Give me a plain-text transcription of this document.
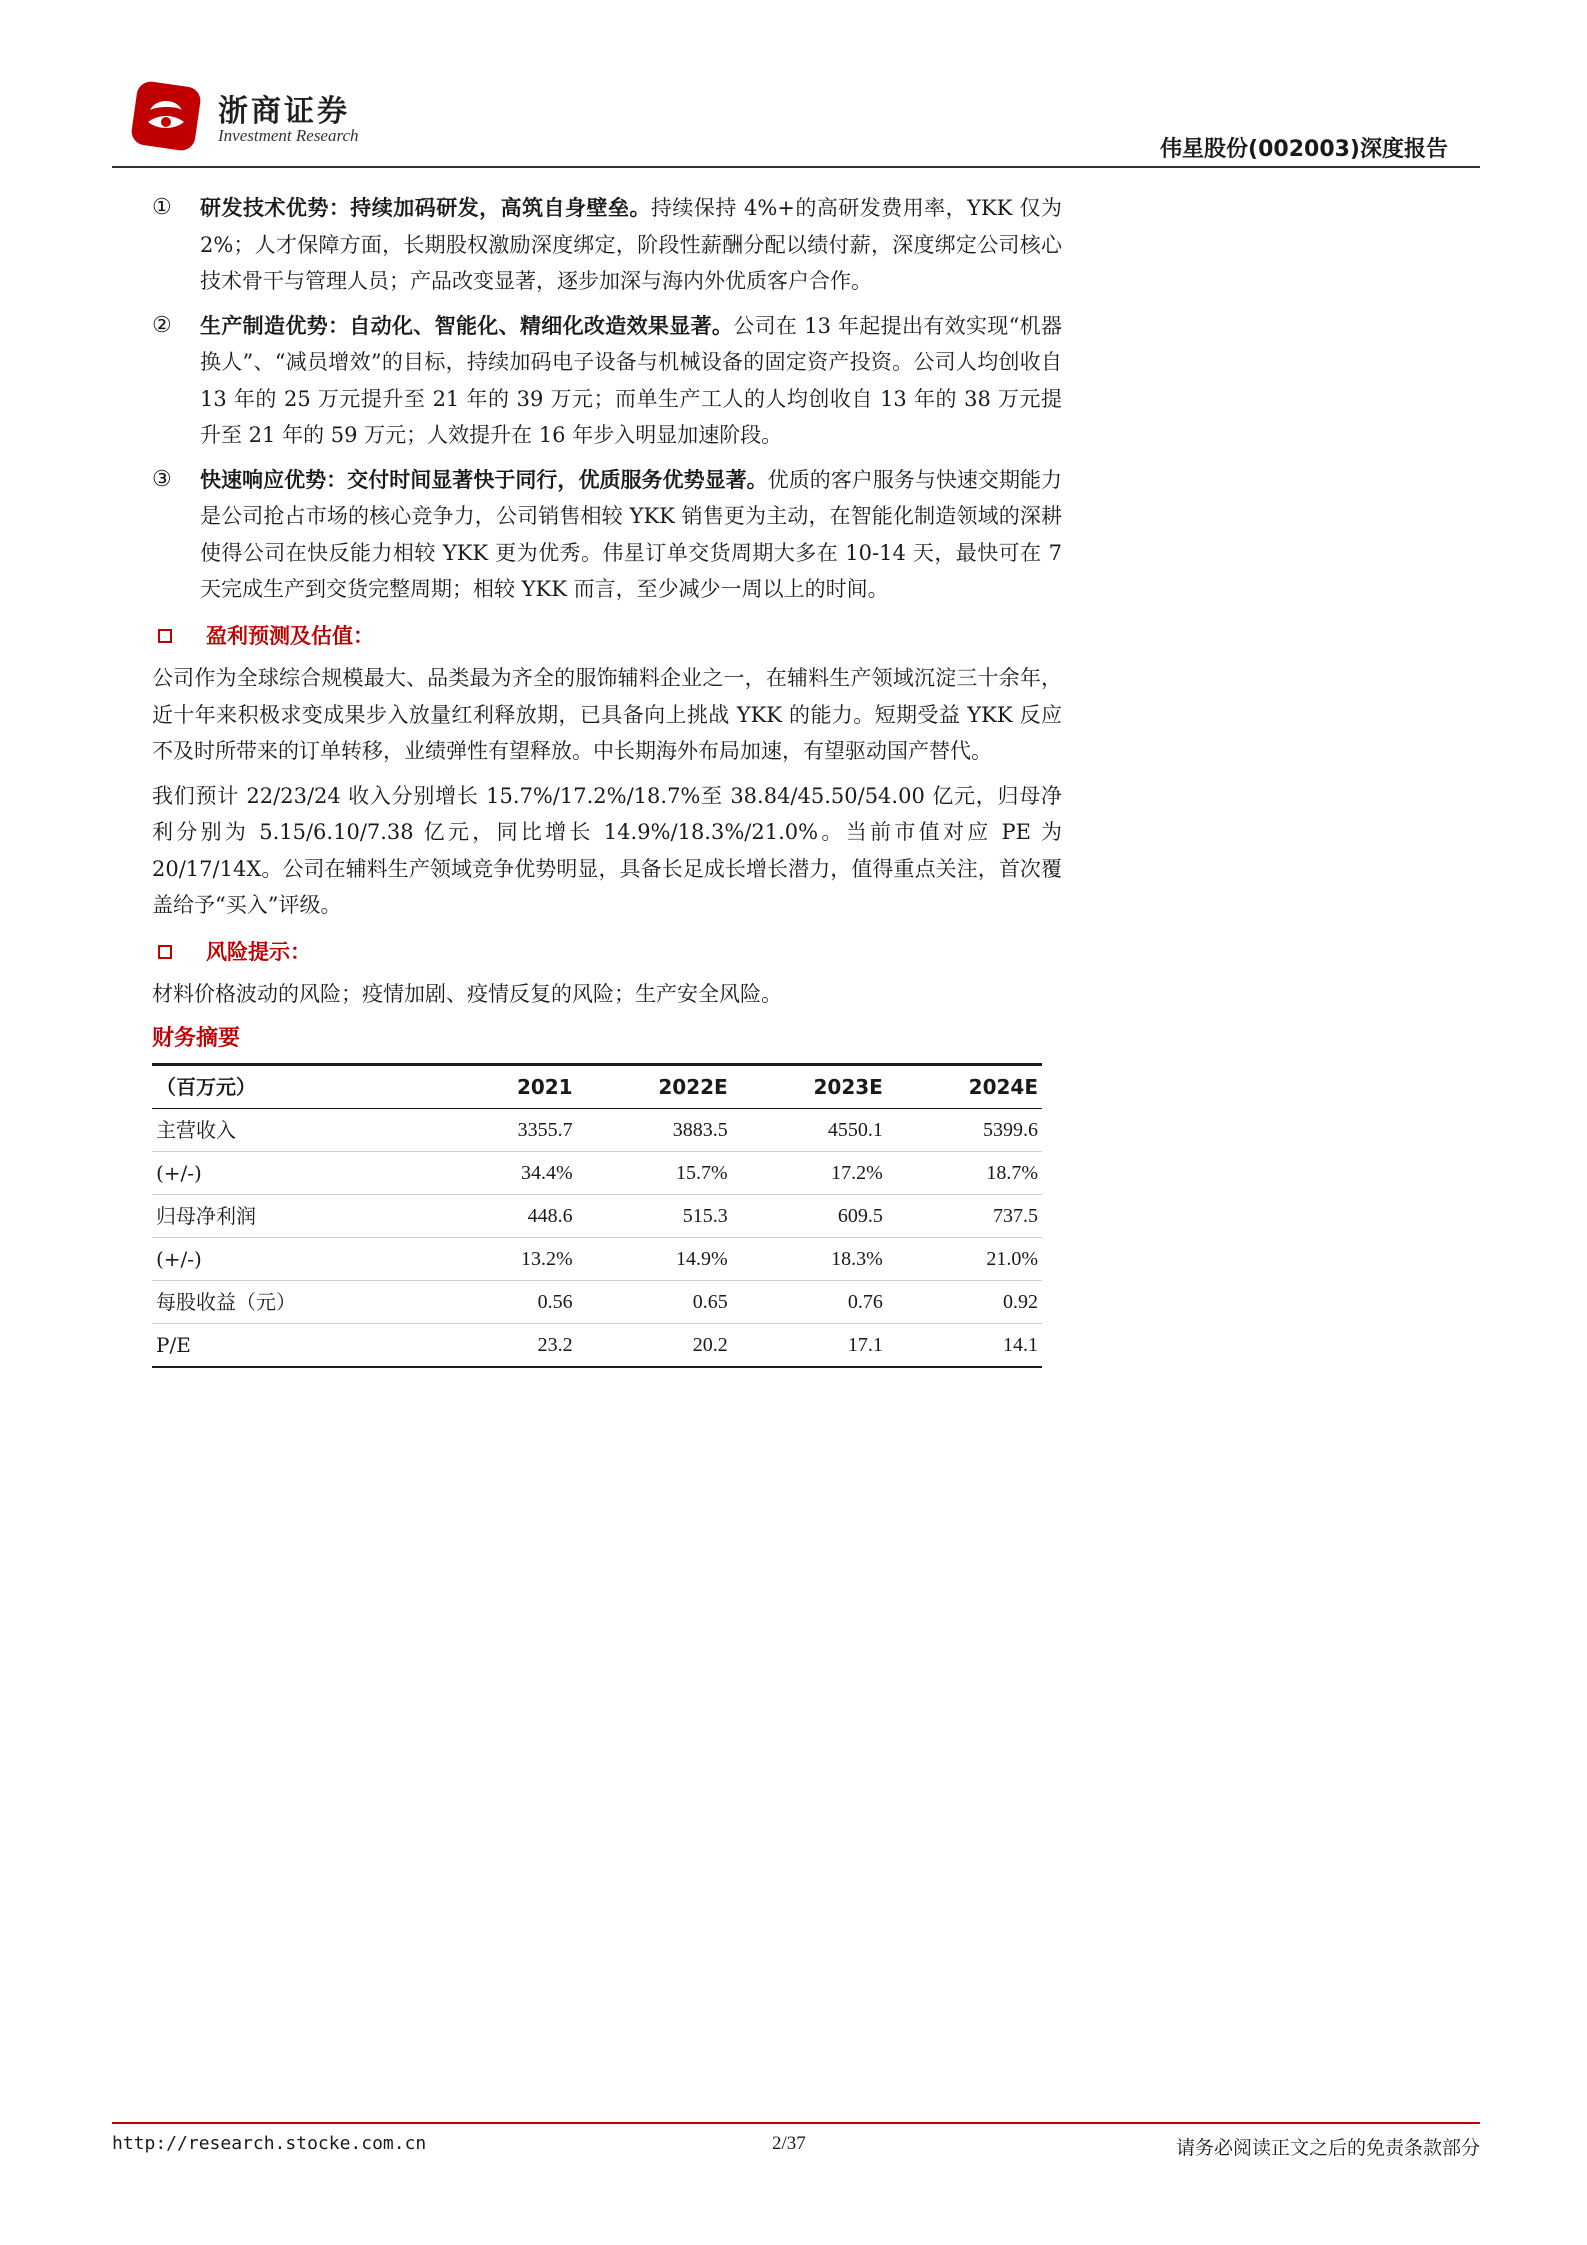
浙商证券
Investment Research
伟星股份(002003)深度报告
①	研发技术优势：持续加码研发，高筑自身壁垒。持续保持 4%+的高研发费用率，YKK 仅为 2%；人才保障方面，长期股权激励深度绑定，阶段性薪酬分配以绩付薪，深度绑定公司核心技术骨干与管理人员；产品改变显著，逐步加深与海内外优质客户合作。
②	生产制造优势：自动化、智能化、精细化改造效果显著。公司在 13 年起提出有效实现“机器换人”、“减员增效”的目标，持续加码电子设备与机械设备的固定资产投资。公司人均创收自 13 年的 25 万元提升至 21 年的 39 万元；而单生产工人的人均创收自 13 年的 38 万元提升至 21 年的 59 万元；人效提升在 16 年步入明显加速阶段。
③	快速响应优势：交付时间显著快于同行，优质服务优势显著。优质的客户服务与快速交期能力是公司抢占市场的核心竞争力，公司销售相较 YKK 销售更为主动，在智能化制造领域的深耕使得公司在快反能力相较 YKK 更为优秀。伟星订单交货周期大多在 10-14 天，最快可在 7 天完成生产到交货完整周期；相较 YKK 而言，至少减少一周以上的时间。
盈利预测及估值：
公司作为全球综合规模最大、品类最为齐全的服饰辅料企业之一，在辅料生产领域沉淀三十余年，近十年来积极求变成果步入放量红利释放期，已具备向上挑战 YKK 的能力。短期受益 YKK 反应不及时所带来的订单转移，业绩弹性有望释放。中长期海外布局加速，有望驱动国产替代。
我们预计 22/23/24 收入分别增长 15.7%/17.2%/18.7%至 38.84/45.50/54.00 亿元，归母净利分别为 5.15/6.10/7.38 亿元，同比增长 14.9%/18.3%/21.0%。当前市值对应 PE 为 20/17/14X。公司在辅料生产领域竞争优势明显，具备长足成长增长潜力，值得重点关注，首次覆盖给予“买入”评级。
风险提示：
材料价格波动的风险；疫情加剧、疫情反复的风险；生产安全风险。
财务摘要
（百万元）	2021	2022E	2023E	2024E
主营收入	3355.7	3883.5	4550.1	5399.6
(+/-)	34.4%	15.7%	17.2%	18.7%
归母净利润	448.6	515.3	609.5	737.5
(+/-)	13.2%	14.9%	18.3%	21.0%
每股收益（元）	0.56	0.65	0.76	0.92
P/E	23.2	20.2	17.1	14.1
http://research.stocke.com.cn	2/37	请务必阅读正文之后的免责条款部分
